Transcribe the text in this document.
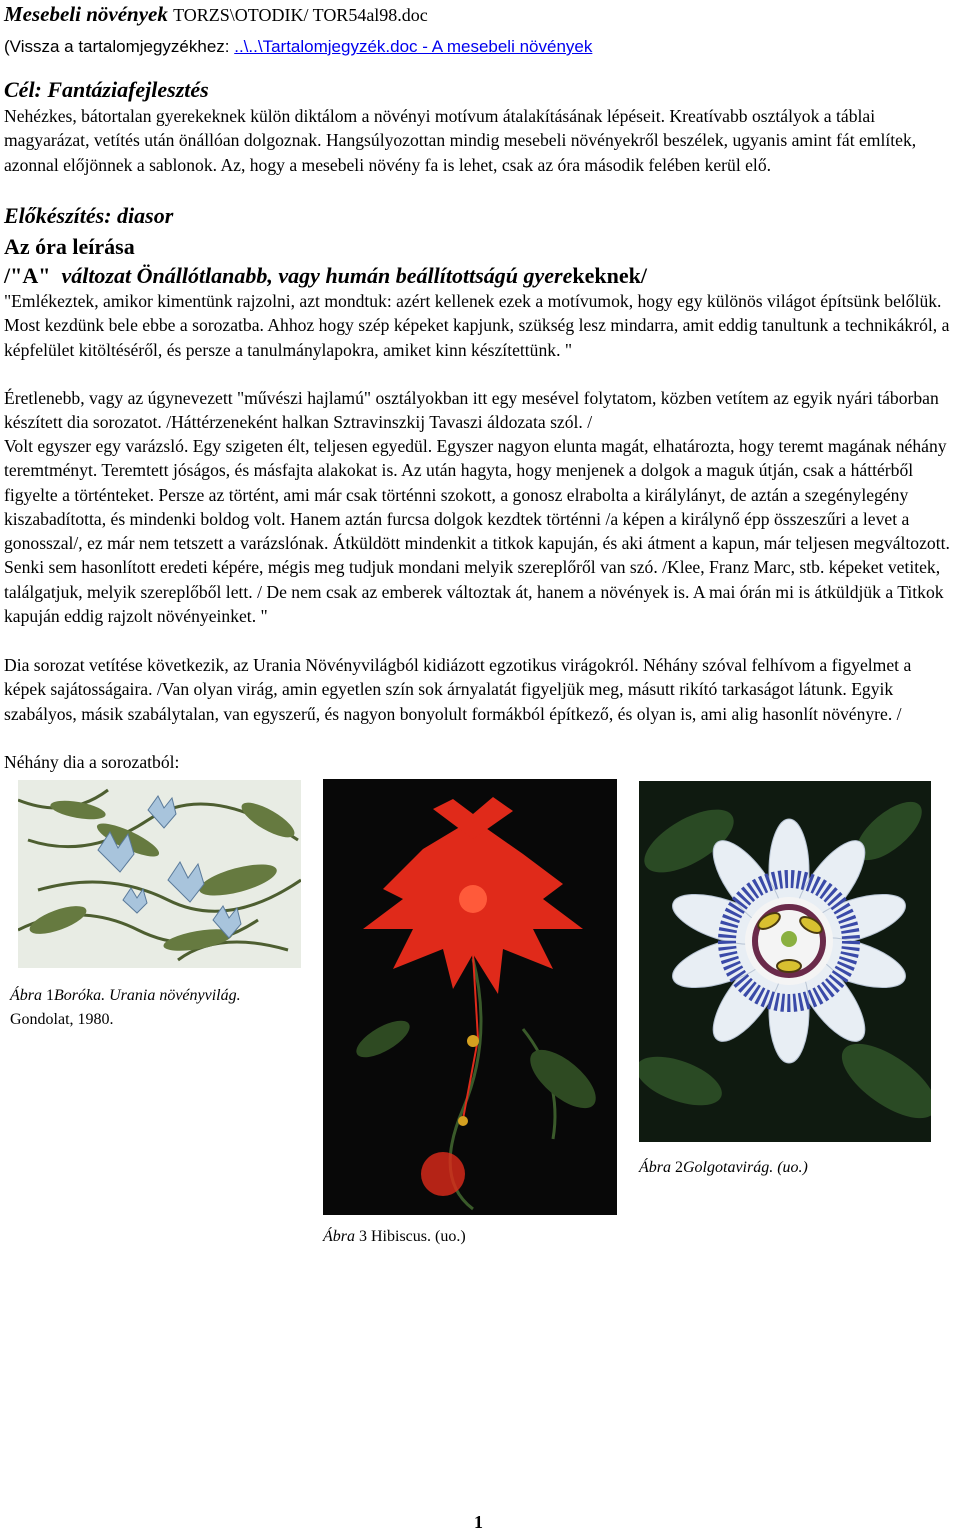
Mesebeli növények TORZS\OTODIK/ TOR54al98.doc
(Vissza a tartalomjegyzékhez: ..\..\Tartalomjegyzék.doc - A mesebeli növények
Cél: Fantáziafejlesztés
Nehézkes, bátortalan gyerekeknek külön diktálom a növényi motívum átalakításának lépéseit. Kreatívabb osztályok a táblai magyarázat, vetítés után önállóan dolgoznak. Hangsúlyozottan mindig mesebeli növényekről beszélek, ugyanis amint fát említek, azonnal előjönnek a sablonok. Az, hogy a mesebeli növény fa is lehet, csak az óra második felében kerül elő.
Előkészítés: diasor
Az óra leírása
/"A" változat Önállótlanabb, vagy humán beállítottságú gyerekeknek/
"Emlékeztek, amikor kimentünk rajzolni, azt mondtuk: azért kellenek ezek a motívumok, hogy egy különös világot építsünk belőlük. Most kezdünk bele ebbe a sorozatba. Ahhoz hogy szép képeket kapjunk, szükség lesz mindarra, amit eddig tanultunk a technikákról, a képfelület kitöltéséről, és persze a tanulmánylapokra, amiket kinn készítettünk. "
Éretlenebb, vagy az úgynevezett "művészi hajlamú" osztályokban itt egy mesével folytatom, közben vetítem az egyik nyári táborban készített dia sorozatot. /Háttérzeneként halkan Sztravinszkij Tavaszi áldozata szól. /
Volt egyszer egy varázsló. Egy szigeten élt, teljesen egyedül. Egyszer nagyon elunta magát, elhatározta, hogy teremt magának néhány teremtményt. Teremtett jóságos, és másfajta alakokat is. Az után hagyta, hogy menjenek a dolgok a maguk útján, csak a háttérből figyelte a történteket. Persze az történt, ami már csak történni szokott, a gonosz elrabolta a királylányt, de aztán a szegénylegény kiszabadította, és mindenki boldog volt. Hanem aztán furcsa dolgok kezdtek történni /a képen a királynő épp összeszűri a levet a gonosszal/, ez már nem tetszett a varázslónak. Átküldött mindenkit a titkok kapuján, és aki átment a kapun, már teljesen megváltozott. Senki sem hasonlított eredeti képére, mégis meg tudjuk mondani melyik szereplőről van szó. /Klee, Franz Marc, stb. képeket vetitek, találgatjuk, melyik szereplőből lett. / De nem csak az emberek változtak át, hanem a növények is. A mai órán mi is átküldjük a Titkok kapuján eddig rajzolt növényeinket. "
Dia sorozat vetítése következik, az Urania Növényvilágból kidiázott egzotikus virágokról. Néhány szóval felhívom a figyelmet a képek sajátosságaira. /Van olyan virág, amin egyetlen szín sok árnyalatát figyeljük meg, másutt rikító tarkaságot látunk. Egyik szabályos, másik szabálytalan, van egyszerű, és nagyon bonyolult formákból építkező, és olyan is, ami alig hasonlít növényre. /
Néhány dia a sorozatból:
Ábra 1Boróka. Urania növényvilág.
Gondolat, 1980.
Ábra 3 Hibiscus. (uo.)
Ábra 2Golgotavirág. (uo.)
1
